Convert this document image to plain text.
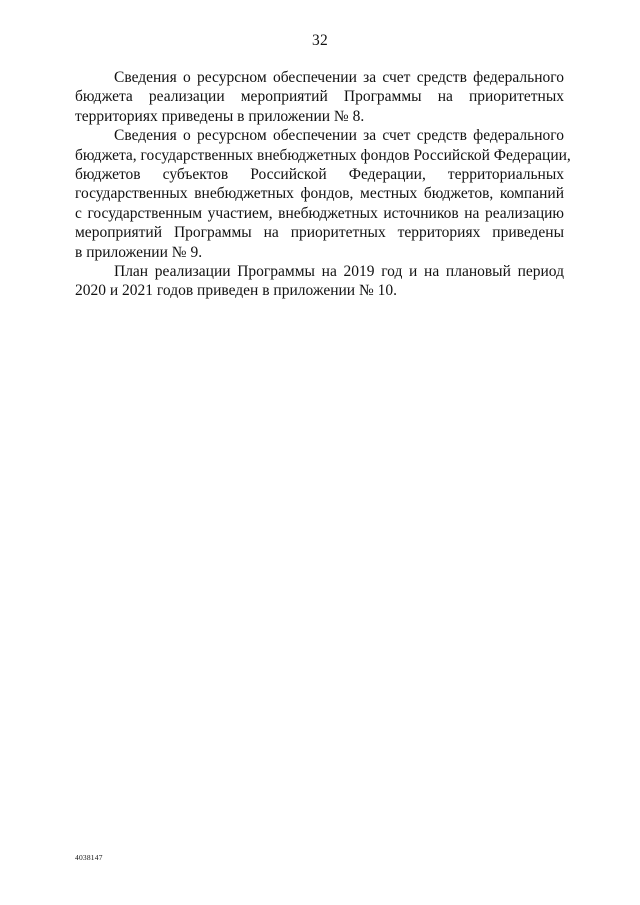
32
Сведения о ресурсном обеспечении за счет средств федерального
бюджета реализации мероприятий Программы на приоритетных
территориях приведены в приложении № 8.
Сведения о ресурсном обеспечении за счет средств федерального
бюджета, государственных внебюджетных фондов Российской Федерации,
бюджетов субъектов Российской Федерации, территориальных
государственных внебюджетных фондов, местных бюджетов, компаний
с государственным участием, внебюджетных источников на реализацию
мероприятий Программы на приоритетных территориях приведены
в приложении № 9.
План реализации Программы на 2019 год и на плановый период
2020 и 2021 годов приведен в приложении № 10.
4038147
